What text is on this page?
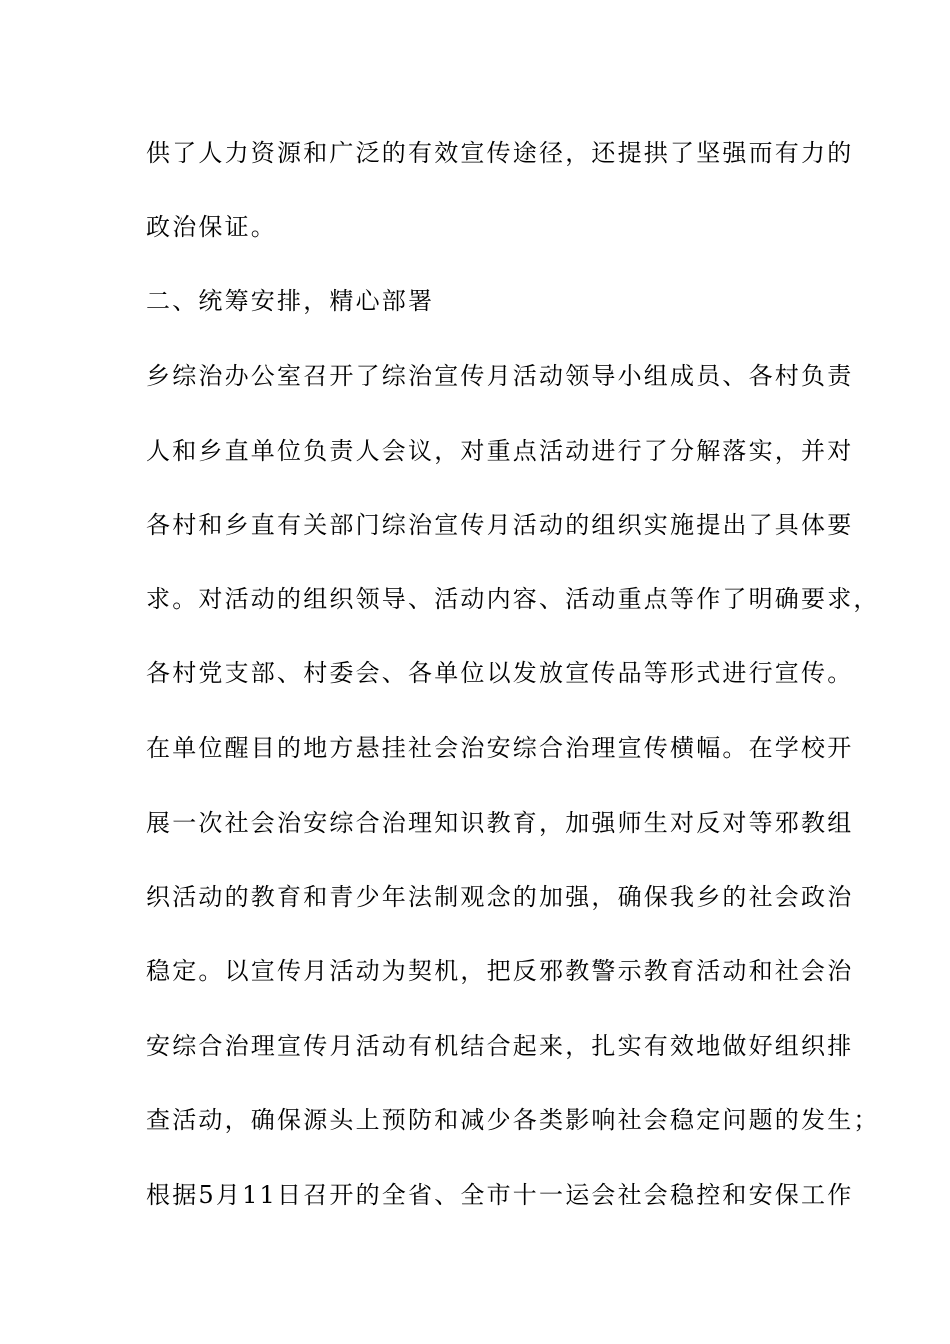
供了人力资源和广泛的有效宣传途径，还提拱了坚强而有力的
政治保证。
二、统筹安排，精心部署
乡综治办公室召开了综治宣传月活动领导小组成员、各村负责
人和乡直单位负责人会议，对重点活动进行了分解落实，并对
各村和乡直有关部门综治宣传月活动的组织实施提出了具体要
求。对活动的组织领导、活动内容、活动重点等作了明确要求，
各村党支部、村委会、各单位以发放宣传品等形式进行宣传。
在单位醒目的地方悬挂社会治安综合治理宣传横幅。在学校开
展一次社会治安综合治理知识教育，加强师生对反对等邪教组
织活动的教育和青少年法制观念的加强，确保我乡的社会政治
稳定。以宣传月活动为契机，把反邪教警示教育活动和社会治
安综合治理宣传月活动有机结合起来，扎实有效地做好组织排
查活动，确保源头上预防和减少各类影响社会稳定问题的发生；
根据5月11日召开的全省、全市十一运会社会稳控和安保工作
